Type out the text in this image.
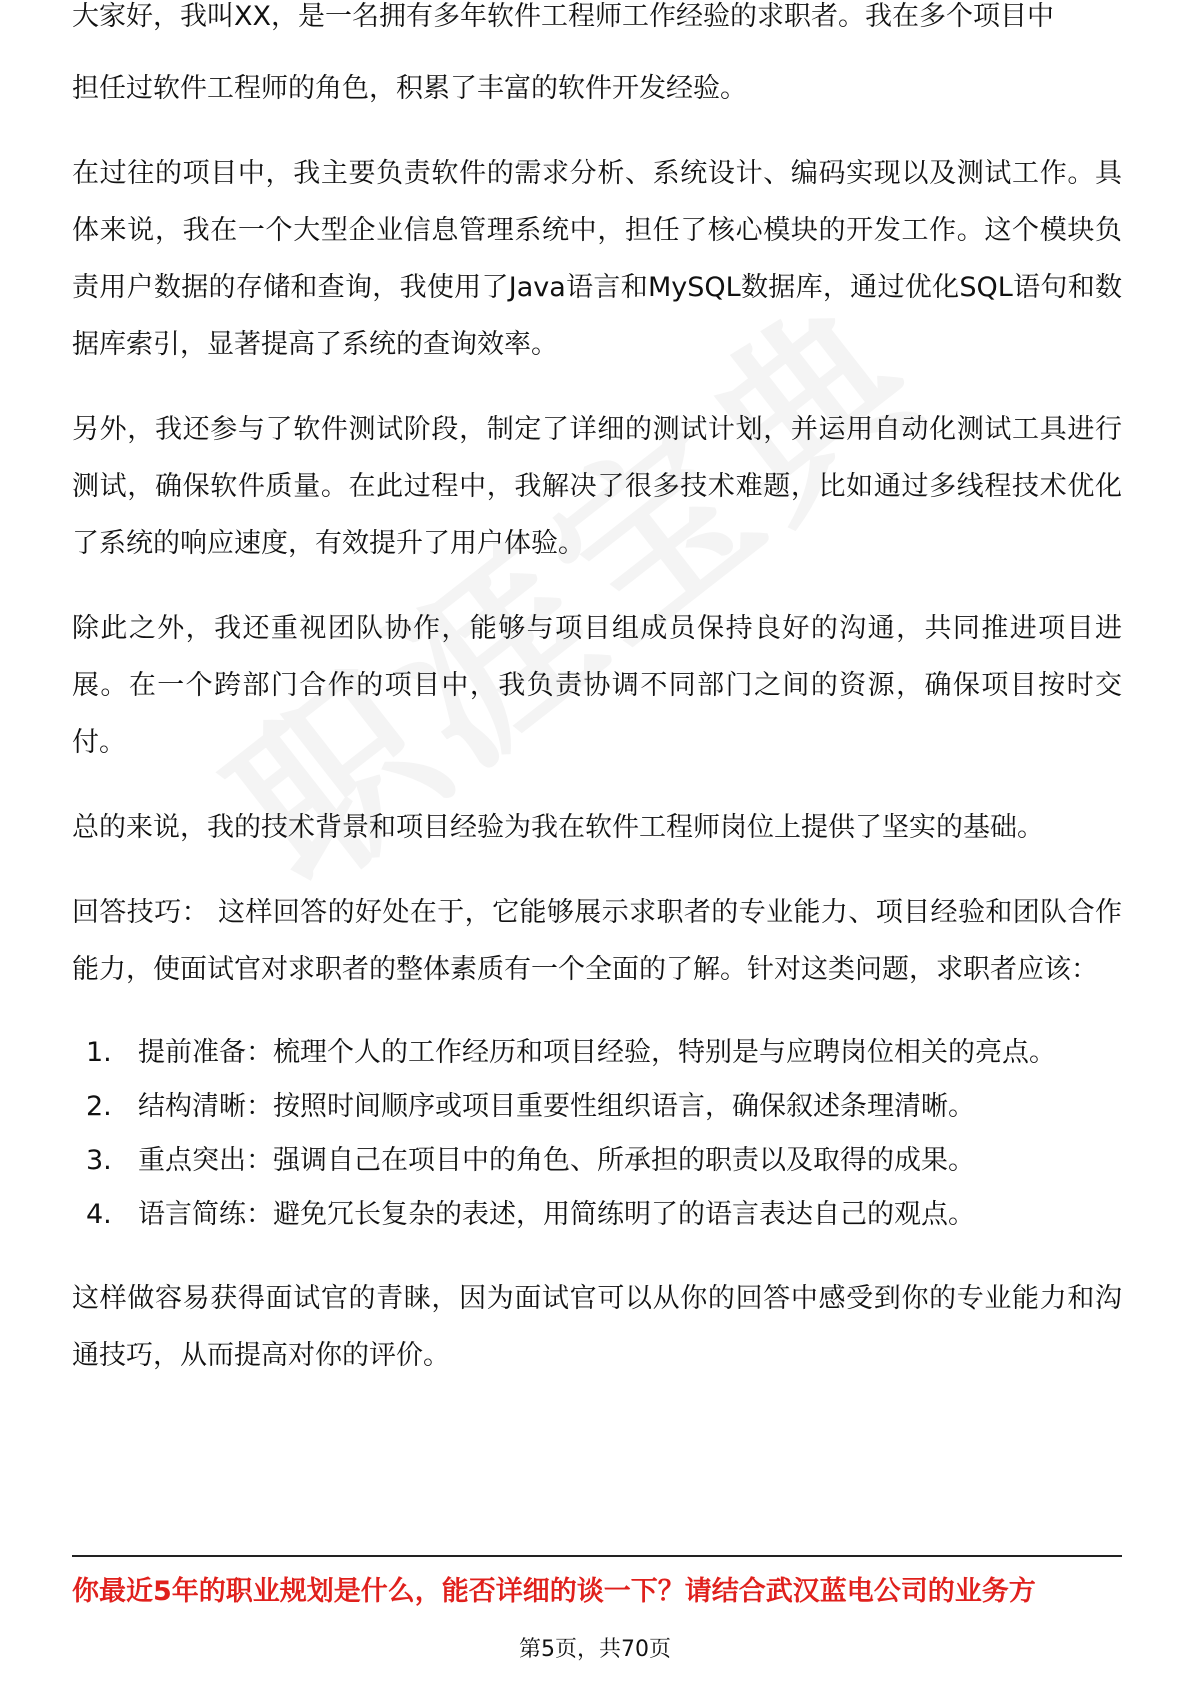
大家好，我叫XX，是一名拥有多年软件工程师工作经验的求职者。我在多个项目中

担任过软件工程师的角色，积累了丰富的软件开发经验。

在过往的项目中，我主要负责软件的需求分析、系统设计、编码实现以及测试工作。具体来说，我在一个大型企业信息管理系统中，担任了核心模块的开发工作。这个模块负责用户数据的存储和查询，我使用了Java语言和MySQL数据库，通过优化SQL语句和数据库索引，显著提高了系统的查询效率。

另外，我还参与了软件测试阶段，制定了详细的测试计划，并运用自动化测试工具进行测试，确保软件质量。在此过程中，我解决了很多技术难题，比如通过多线程技术优化了系统的响应速度，有效提升了用户体验。

除此之外，我还重视团队协作，能够与项目组成员保持良好的沟通，共同推进项目进展。在一个跨部门合作的项目中，我负责协调不同部门之间的资源，确保项目按时交付。

总的来说，我的技术背景和项目经验为我在软件工程师岗位上提供了坚实的基础。

回答技巧： 这样回答的好处在于，它能够展示求职者的专业能力、项目经验和团队合作能力，使面试官对求职者的整体素质有一个全面的了解。针对这类问题，求职者应该：

1. 提前准备：梳理个人的工作经历和项目经验，特别是与应聘岗位相关的亮点。
2. 结构清晰：按照时间顺序或项目重要性组织语言，确保叙述条理清晰。
3. 重点突出：强调自己在项目中的角色、所承担的职责以及取得的成果。
4. 语言简练：避免冗长复杂的表述，用简练明了的语言表达自己的观点。

这样做容易获得面试官的青睐，因为面试官可以从你的回答中感受到你的专业能力和沟通技巧，从而提高对你的评价。

你最近5年的职业规划是什么，能否详细的谈一下？请结合武汉蓝电公司的业务方
第5页，共70页
